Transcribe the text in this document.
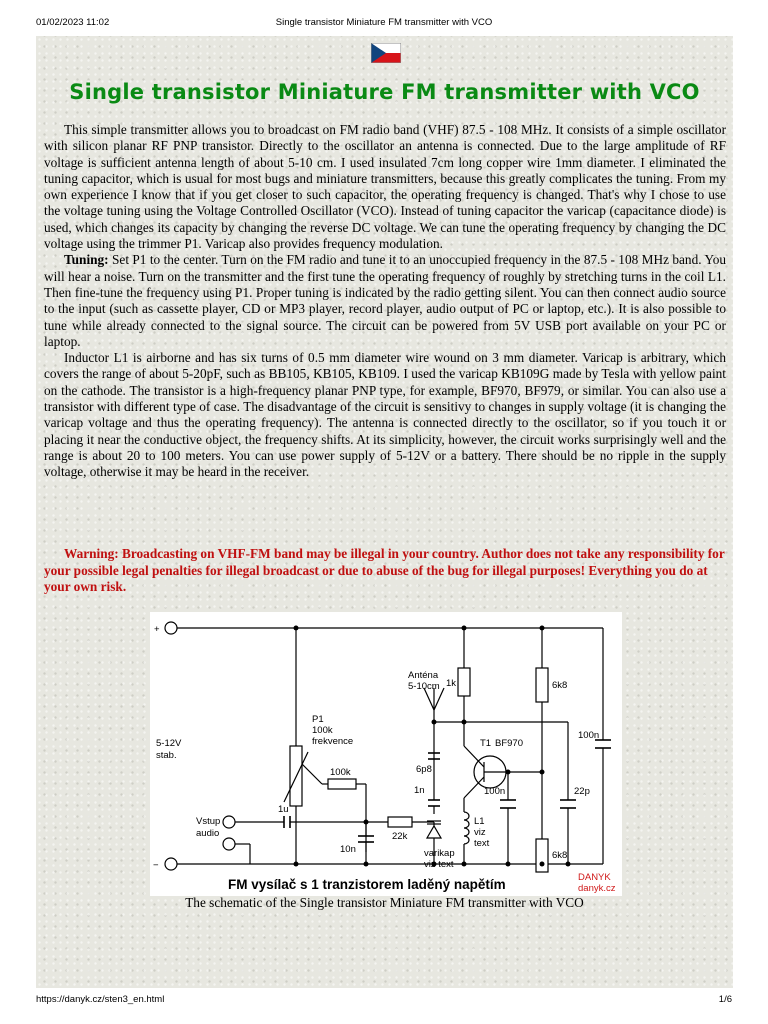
01/02/2023 11:02	Single transistor Miniature FM transmitter with VCO
Single transistor Miniature FM transmitter with VCO

This simple transmitter allows you to broadcast on FM radio band (VHF) 87.5 - 108 MHz. It consists of a simple oscillator with silicon planar RF PNP transistor. Directly to the oscillator an antenna is connected. Due to the large amplitude of RF voltage is sufficient antenna length of about 5-10 cm. I used insulated 7cm long copper wire 1mm diameter. I eliminated the tuning capacitor, which is usual for most bugs and miniature transmitters, because this greatly complicates the tuning. From my own experience I know that if you get closer to such capacitor, the operating frequency is changed. That's why I chose to use the voltage tuning using the Voltage Controlled Oscillator (VCO). Instead of tuning capacitor the varicap (capacitance diode) is used, which changes its capacity by changing the reverse DC voltage. We can tune the operating frequency by changing the DC voltage using the trimmer P1. Varicap also provides frequency modulation.

Tuning: Set P1 to the center. Turn on the FM radio and tune it to an unoccupied frequency in the 87.5 - 108 MHz band. You will hear a noise. Turn on the transmitter and the first tune the operating frequency of roughly by stretching turns in the coil L1. Then fine-tune the frequency using P1. Proper tuning is indicated by the radio getting silent. You can then connect audio source to the input (such as cassette player, CD or MP3 player, record player, audio output of PC or laptop, etc.). It is also possible to tune while already connected to the signal source. The circuit can be powered from 5V USB port available on your PC or laptop.

Inductor L1 is airborne and has six turns of 0.5 mm diameter wire wound on 3 mm diameter. Varicap is arbitrary, which covers the range of about 5-20pF, such as BB105, KB105, KB109. I used the varicap KB109G made by Tesla with yellow paint on the cathode. The transistor is a high-frequency planar PNP type, for example, BF970, BF979, or similar. You can also use a transistor with different type of case. The disadvantage of the circuit is sensitivy to changes in supply voltage (it is changing the varicap voltage and thus the operating frequency). The antenna is connected directly to the oscillator, so if you touch it or placing it near the conductive object, the frequency shifts. At its simplicity, however, the circuit works surprisingly well and the range is about 20 to 100 meters. You can use power supply of 5-12V or a battery. There should be no ripple in the supply voltage, otherwise it may be heard in the receiver.

Warning: Broadcasting on VHF-FM band may be illegal in your country. Author does not take any responsibility for your possible legal penalties for illegal broadcast or due to abuse of the bug for illegal purposes! Everything you do at your own risk.

+
−
5-12V
stab.
Anténa
5-10cm
P1
100k
frekvence
100k
1k	6k8
6k8
22k
1u
10n
6p8
1n	100n
100n
22p
T1 BF970
L1
viz
text
varikap
viz text
Vstup
audio
FM vysílač s 1 tranzistorem laděný napětím	DANYK
danyk.cz

The schematic of the Single transistor Miniature FM transmitter with VCO

https://danyk.cz/sten3_en.html	1/6
